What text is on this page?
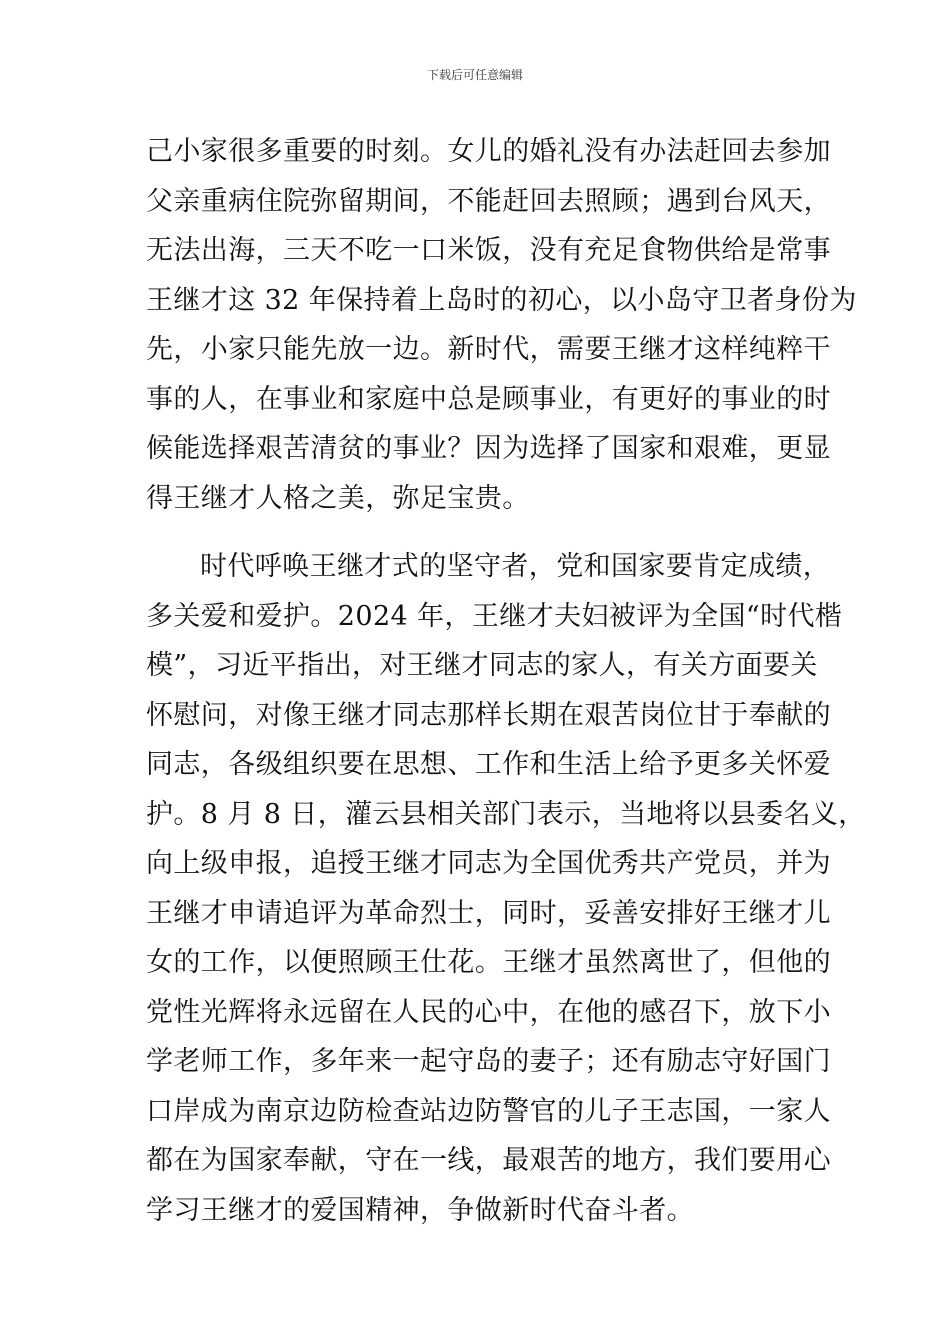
下载后可任意编辑
己小家很多重要的时刻。女儿的婚礼没有办法赶回去参加
父亲重病住院弥留期间，不能赶回去照顾；遇到台风天，
无法出海，三天不吃一口米饭，没有充足食物供给是常事
王继才这 32 年保持着上岛时的初心，以小岛守卫者身份为
先，小家只能先放一边。新时代，需要王继才这样纯粹干
事的人，在事业和家庭中总是顾事业，有更好的事业的时
候能选择艰苦清贫的事业？因为选择了国家和艰难，更显
得王继才人格之美，弥足宝贵。
时代呼唤王继才式的坚守者，党和国家要肯定成绩，
多关爱和爱护。2024 年，王继才夫妇被评为全国“时代楷
模”，习近平指出，对王继才同志的家人，有关方面要关
怀慰问，对像王继才同志那样长期在艰苦岗位甘于奉献的
同志，各级组织要在思想、工作和生活上给予更多关怀爱
护。8 月 8 日，灌云县相关部门表示，当地将以县委名义，
向上级申报，追授王继才同志为全国优秀共产党员，并为
王继才申请追评为革命烈士，同时，妥善安排好王继才儿
女的工作，以便照顾王仕花。王继才虽然离世了，但他的
党性光辉将永远留在人民的心中，在他的感召下，放下小
学老师工作，多年来一起守岛的妻子；还有励志守好国门
口岸成为南京边防检查站边防警官的儿子王志国，一家人
都在为国家奉献，守在一线，最艰苦的地方，我们要用心
学习王继才的爱国精神，争做新时代奋斗者。
